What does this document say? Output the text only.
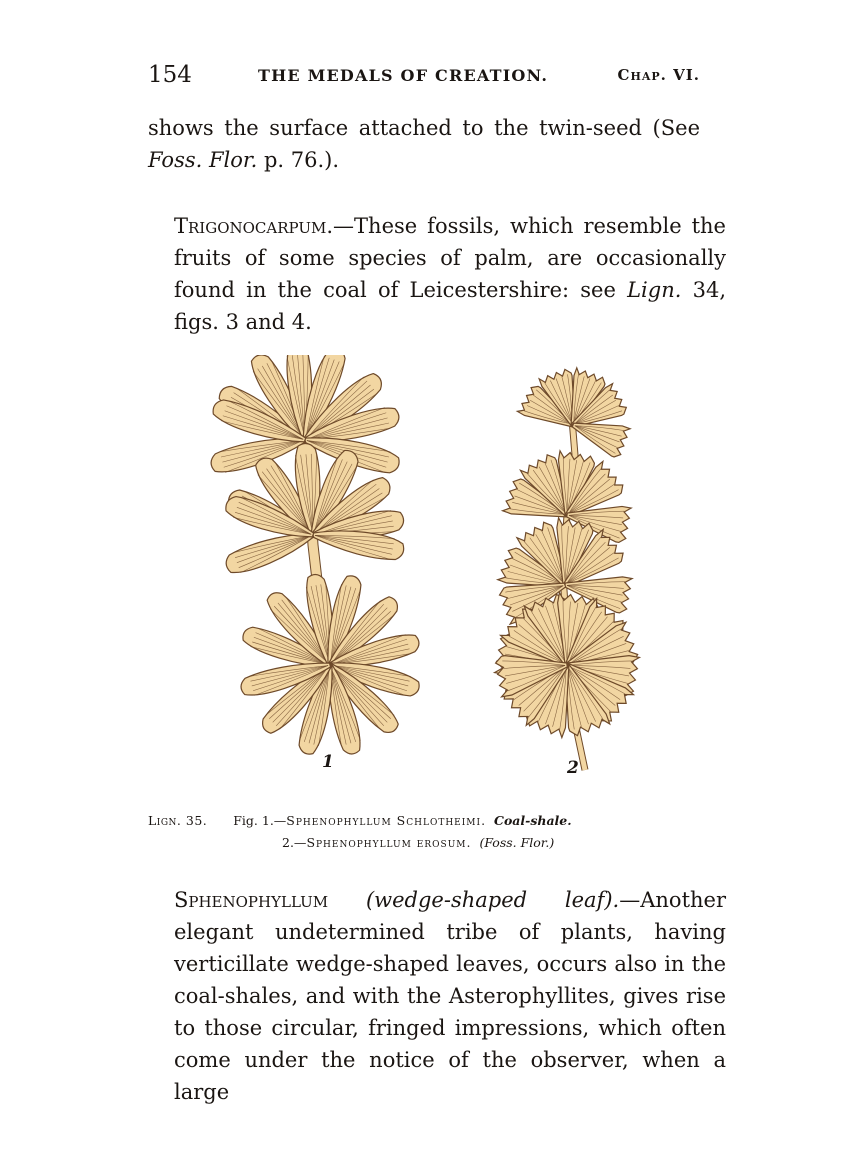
154	THE MEDALS OF CREATION.	Chap. VI.

shows the surface attached to the twin-seed (See Foss. Flor. p. 76.).

Trigonocarpum.—These fossils, which resemble the fruits of some species of palm, are occasionally found in the coal of Leicestershire: see Lign. 34, figs. 3 and 4.

1	2
Lign. 35. Fig. 1.—Sphenophyllum Schlotheimi. Coal-shale.
2.—Sphenophyllum erosum. (Foss. Flor.)

Sphenophyllum (wedge-shaped leaf).—Another elegant undetermined tribe of plants, having verticillate wedge-shaped leaves, occurs also in the coal-shales, and with the Asterophyllites, gives rise to those circular, fringed impressions, which often come under the notice of the observer, when a large
